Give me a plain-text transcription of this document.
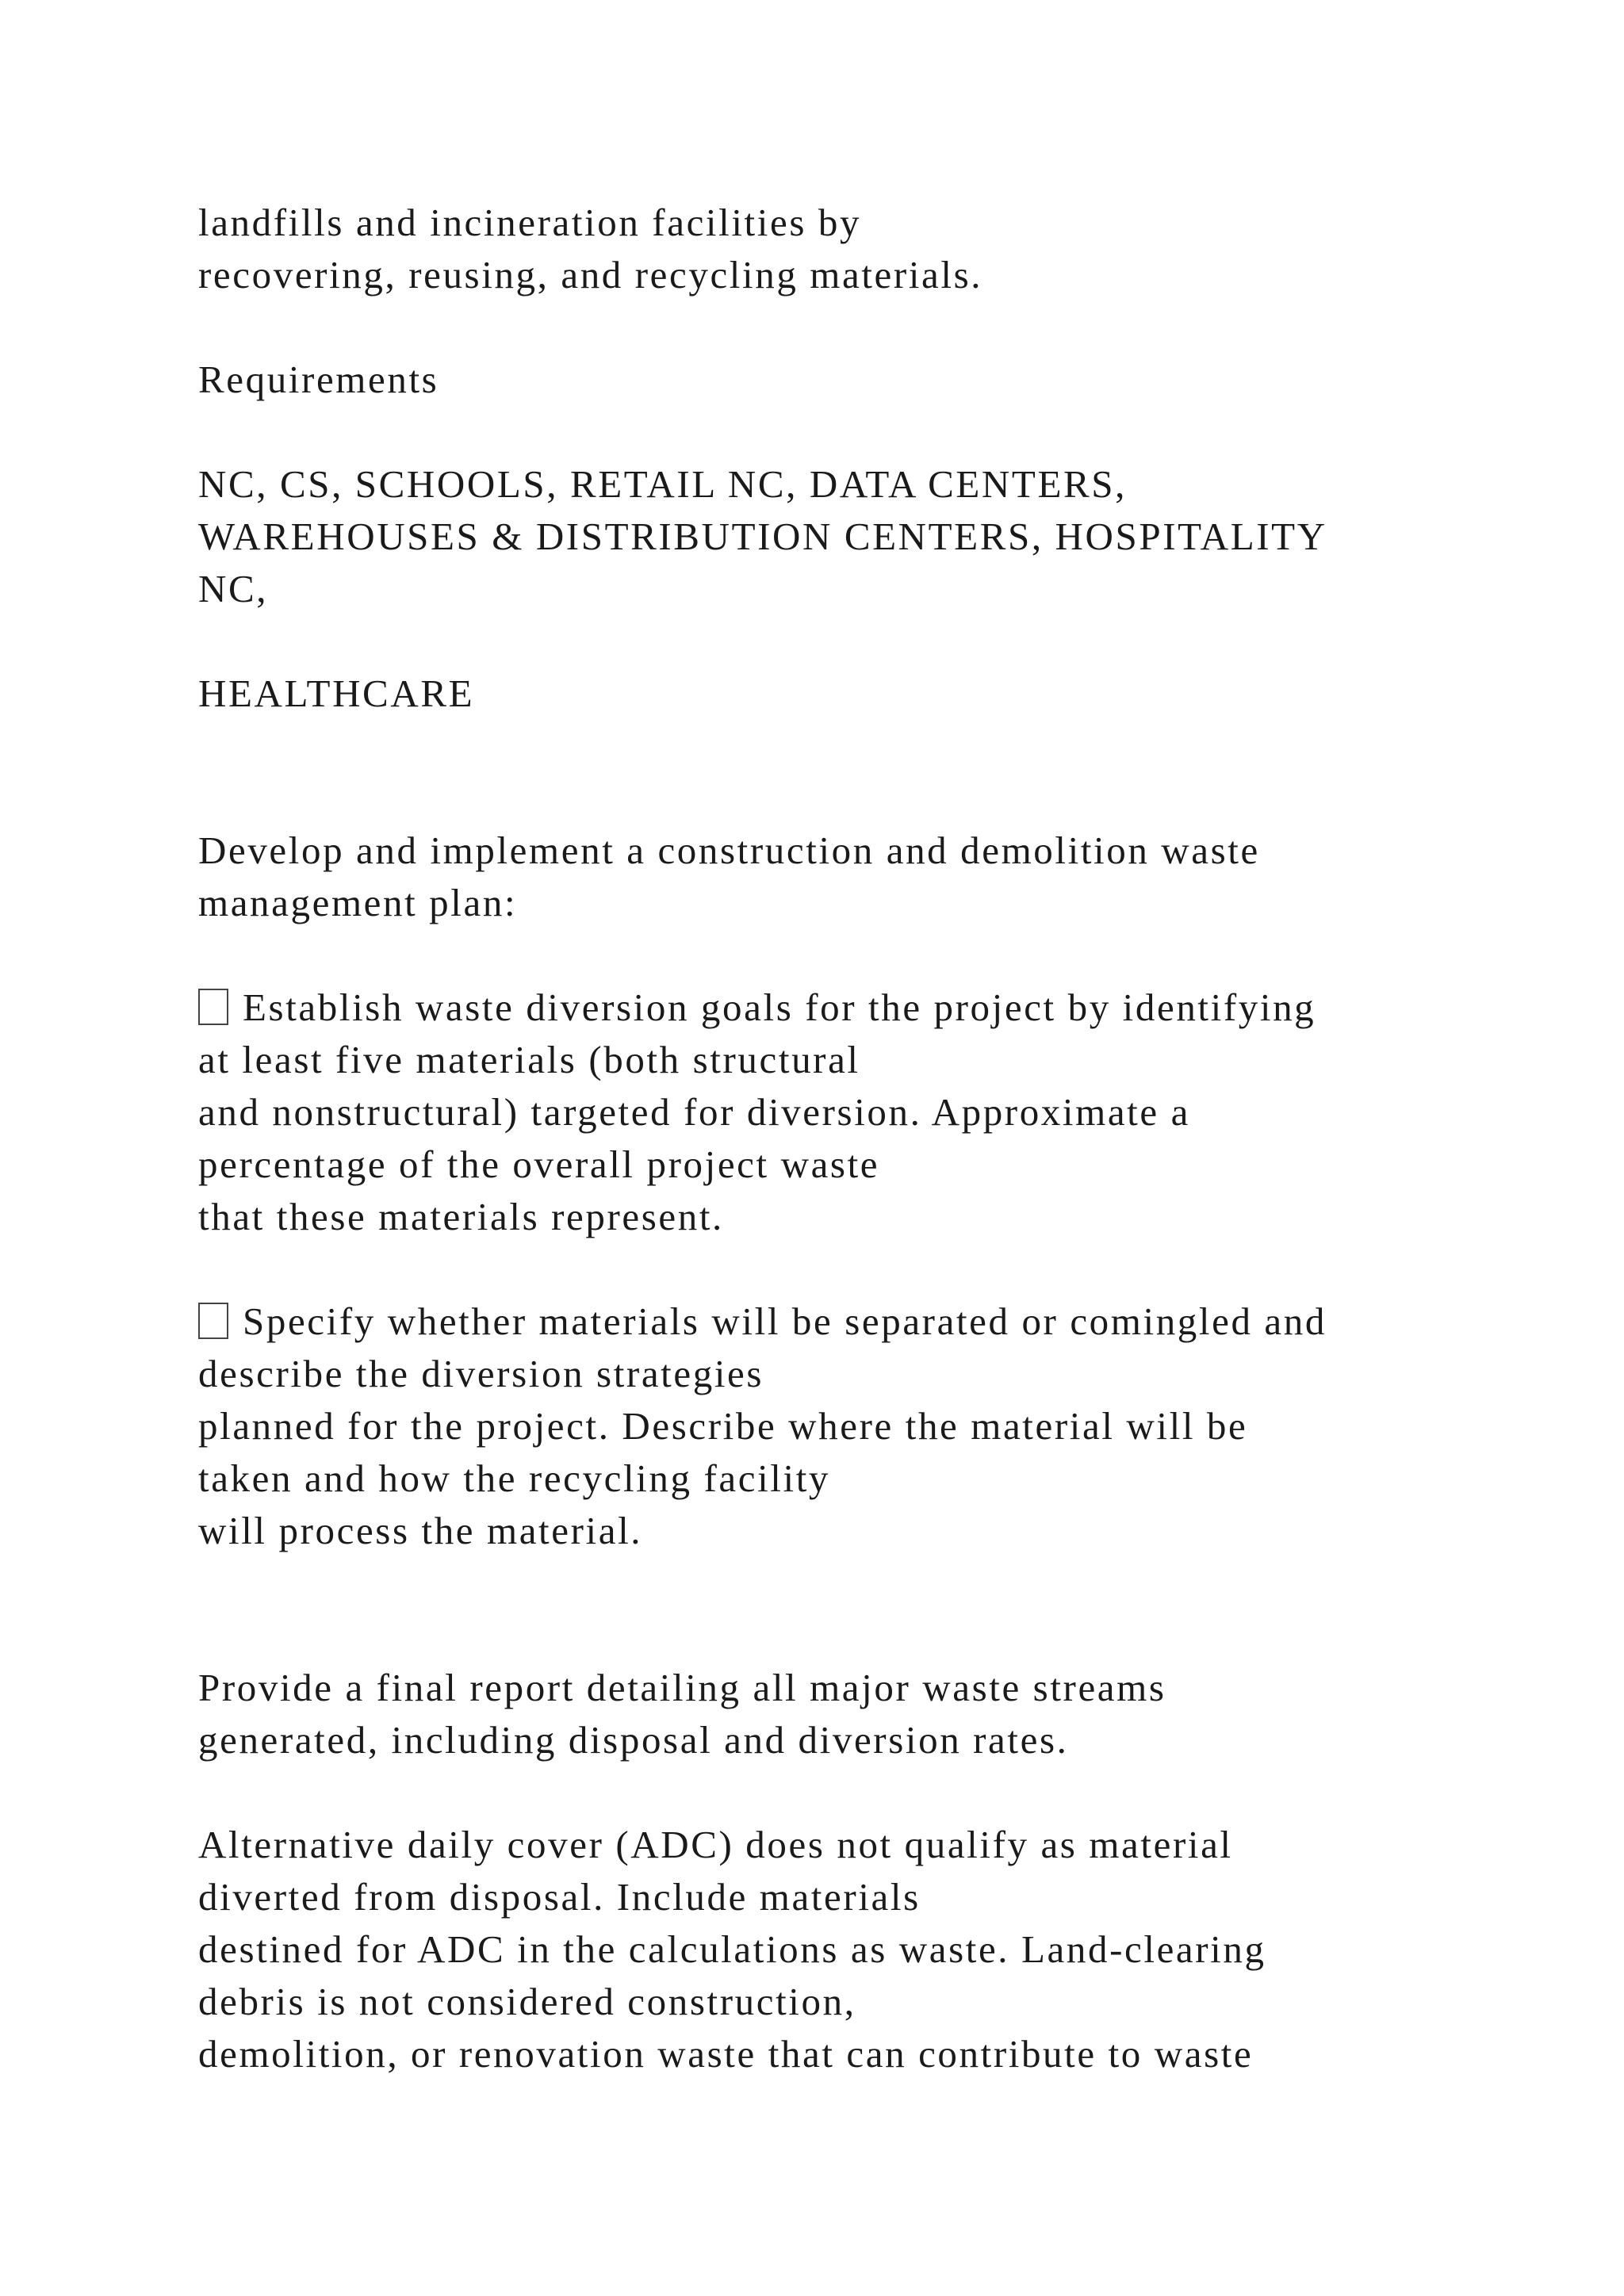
landfills and incineration facilities by
recovering, reusing, and recycling materials.
Requirements
NC, CS, SCHOOLS, RETAIL NC, DATA CENTERS,
WAREHOUSES & DISTRIBUTION CENTERS, HOSPITALITY
NC,
HEALTHCARE
Develop and implement a construction and demolition waste
management plan:
Establish waste diversion goals for the project by identifying
at least five materials (both structural
and nonstructural) targeted for diversion. Approximate a
percentage of the overall project waste
that these materials represent.
Specify whether materials will be separated or comingled and
describe the diversion strategies
planned for the project. Describe where the material will be
taken and how the recycling facility
will process the material.
Provide a final report detailing all major waste streams
generated, including disposal and diversion rates.
Alternative daily cover (ADC) does not qualify as material
diverted from disposal. Include materials
destined for ADC in the calculations as waste. Land-clearing
debris is not considered construction,
demolition, or renovation waste that can contribute to waste
